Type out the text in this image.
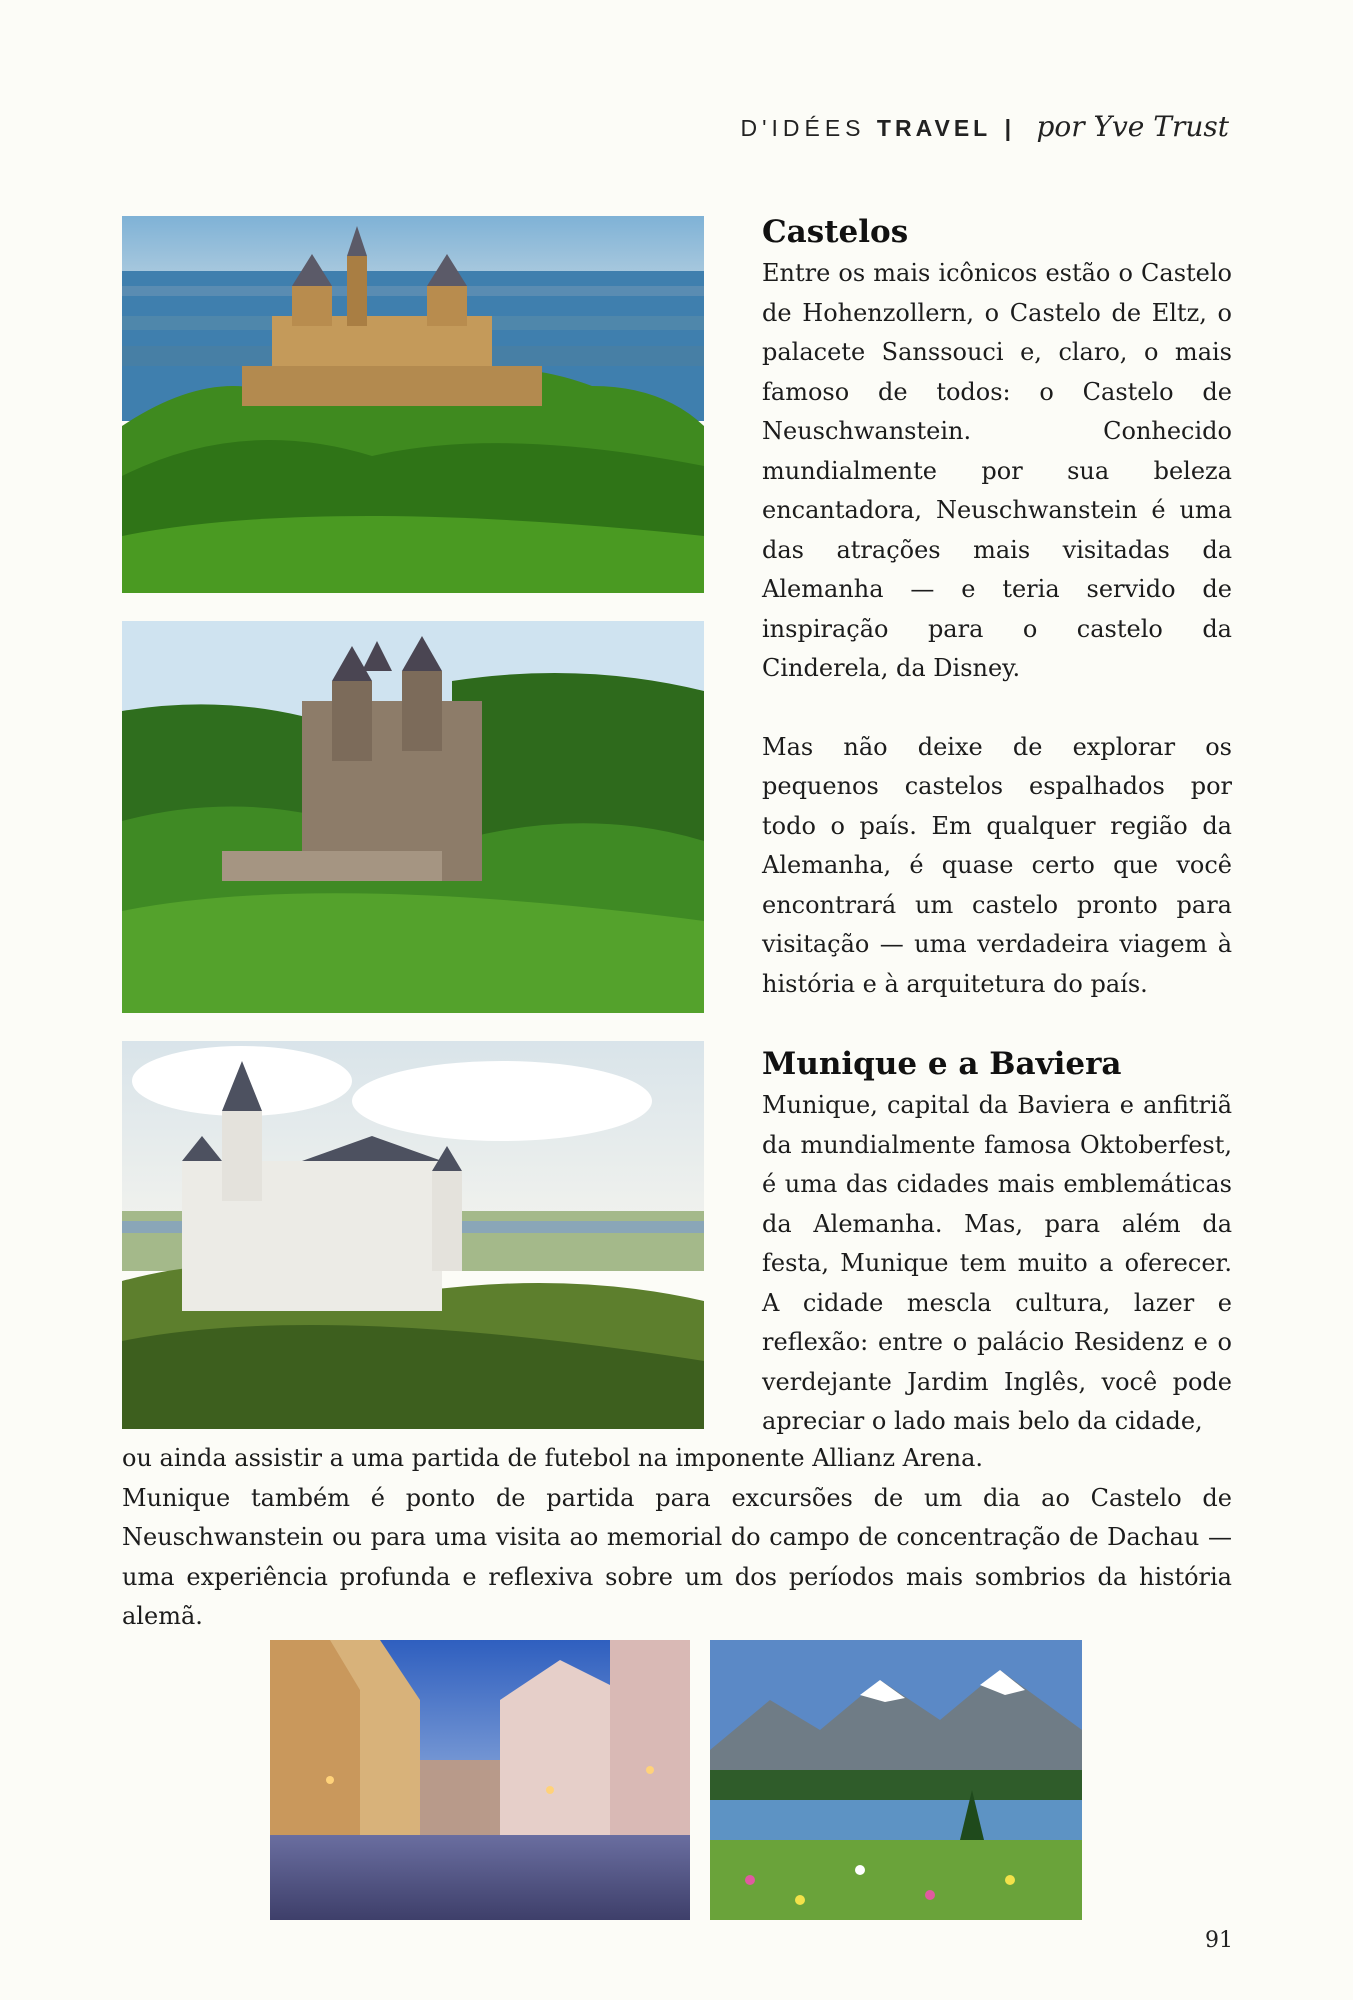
D'IDÉES TRAVEL | por Yve Trust
Castelos

Entre os mais icônicos estão o Castelo de Hohenzollern, o Castelo de Eltz, o palacete Sanssouci e, claro, o mais famoso de todos: o Castelo de Neuschwanstein. Conhecido mundialmente por sua beleza encantadora, Neuschwanstein é uma das atrações mais visitadas da Alemanha — e teria servido de inspiração para o castelo da Cinderela, da Disney.

Mas não deixe de explorar os pequenos castelos espalhados por todo o país. Em qualquer região da Alemanha, é quase certo que você encontrará um castelo pronto para visitação — uma verdadeira viagem à história e à arquitetura do país.

Munique e a Baviera

Munique, capital da Baviera e anfitriã da mundialmente famosa Oktoberfest, é uma das cidades mais emblemáticas da Alemanha. Mas, para além da festa, Munique tem muito a oferecer. A cidade mescla cultura, lazer e reflexão: entre o palácio Residenz e o verdejante Jardim Inglês, você pode apreciar o lado mais belo da cidade,

ou ainda assistir a uma partida de futebol na imponente Allianz Arena.

Munique também é ponto de partida para excursões de um dia ao Castelo de Neuschwanstein ou para uma visita ao memorial do campo de concentração de Dachau — uma experiência profunda e reflexiva sobre um dos períodos mais sombrios da história alemã.

91
